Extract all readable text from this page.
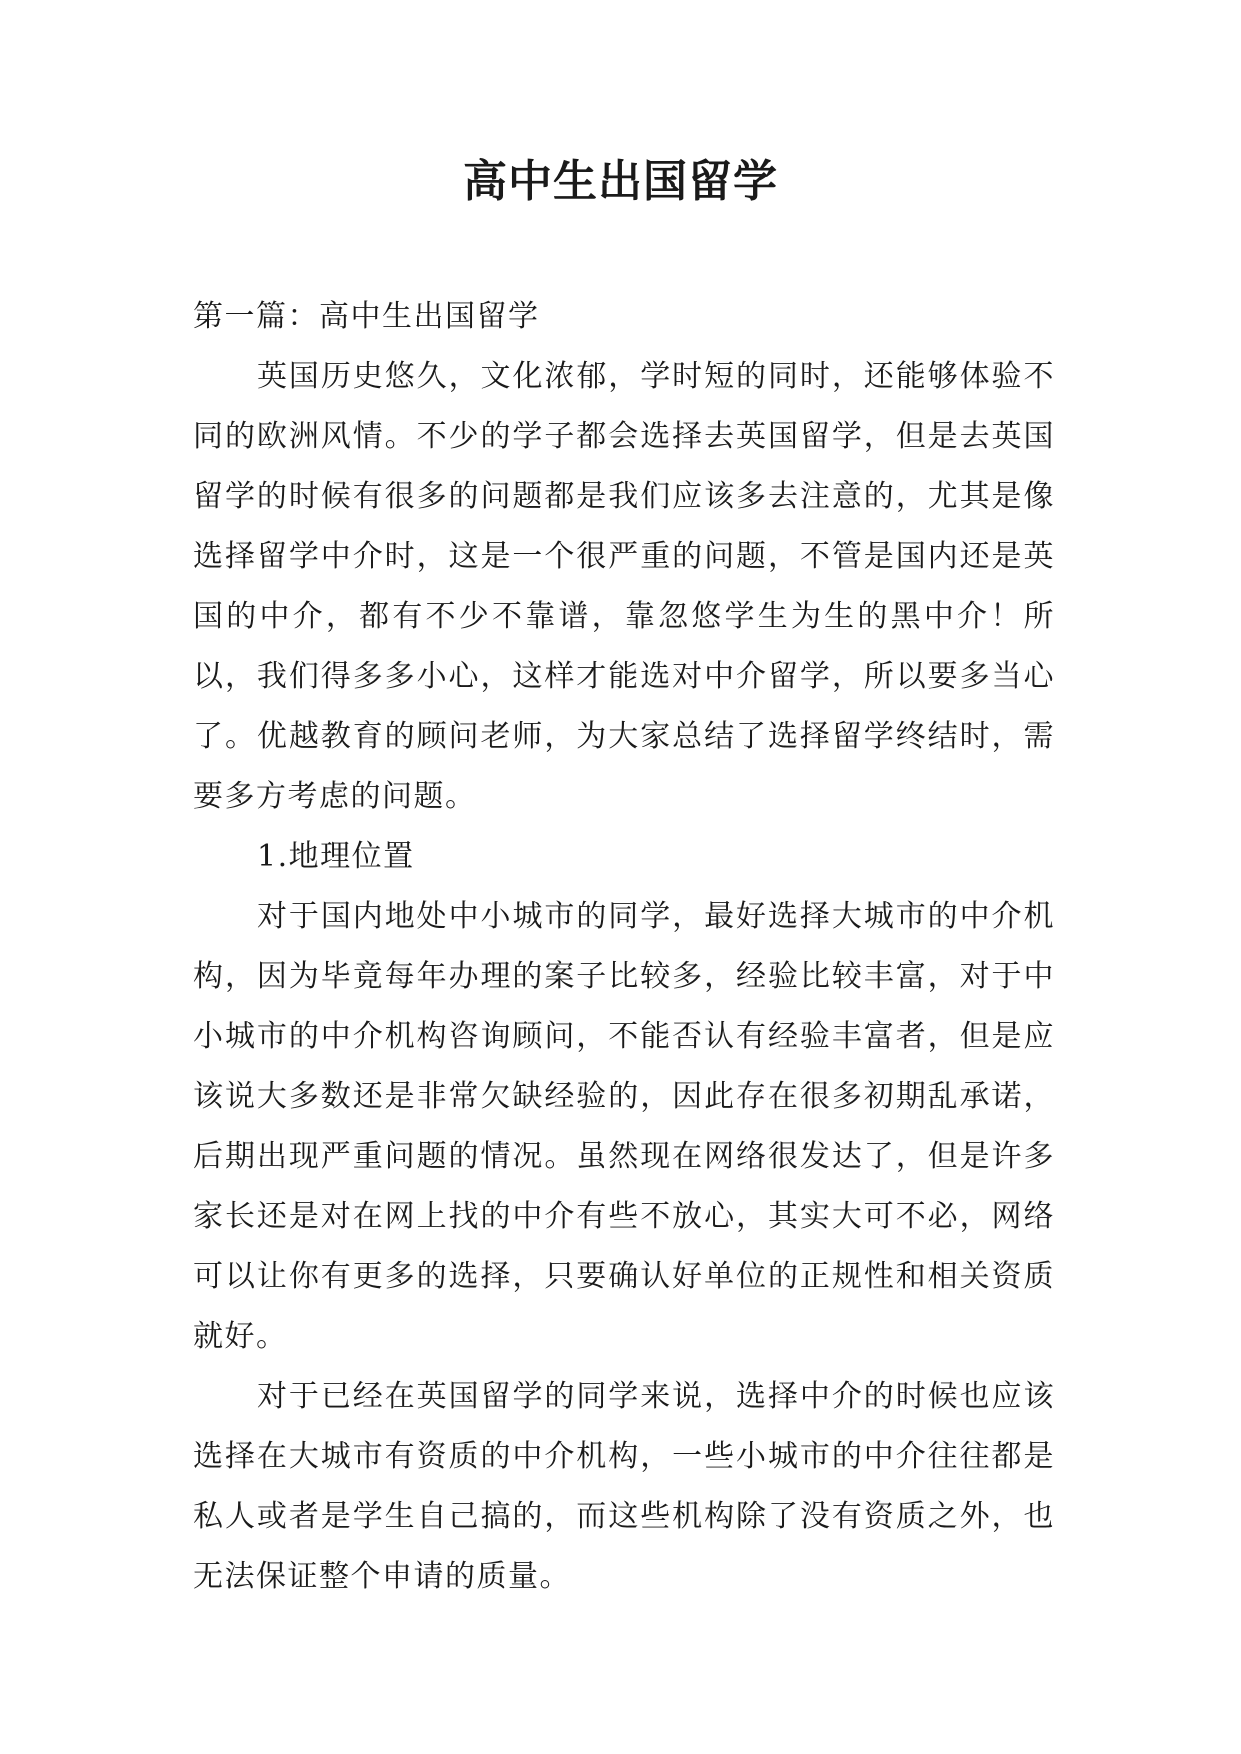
高中生出国留学

第一篇：高中生出国留学

英国历史悠久，文化浓郁，学时短的同时，还能够体验不同的欧洲风情。不少的学子都会选择去英国留学，但是去英国留学的时候有很多的问题都是我们应该多去注意的，尤其是像选择留学中介时，这是一个很严重的问题，不管是国内还是英国的中介，都有不少不靠谱，靠忽悠学生为生的黑中介！所以，我们得多多小心，这样才能选对中介留学，所以要多当心了。优越教育的顾问老师，为大家总结了选择留学终结时，需要多方考虑的问题。

1.地理位置

对于国内地处中小城市的同学，最好选择大城市的中介机构，因为毕竟每年办理的案子比较多，经验比较丰富，对于中小城市的中介机构咨询顾问，不能否认有经验丰富者，但是应该说大多数还是非常欠缺经验的，因此存在很多初期乱承诺，后期出现严重问题的情况。虽然现在网络很发达了，但是许多家长还是对在网上找的中介有些不放心，其实大可不必，网络可以让你有更多的选择，只要确认好单位的正规性和相关资质就好。

对于已经在英国留学的同学来说，选择中介的时候也应该选择在大城市有资质的中介机构，一些小城市的中介往往都是私人或者是学生自己搞的，而这些机构除了没有资质之外，也无法保证整个申请的质量。
